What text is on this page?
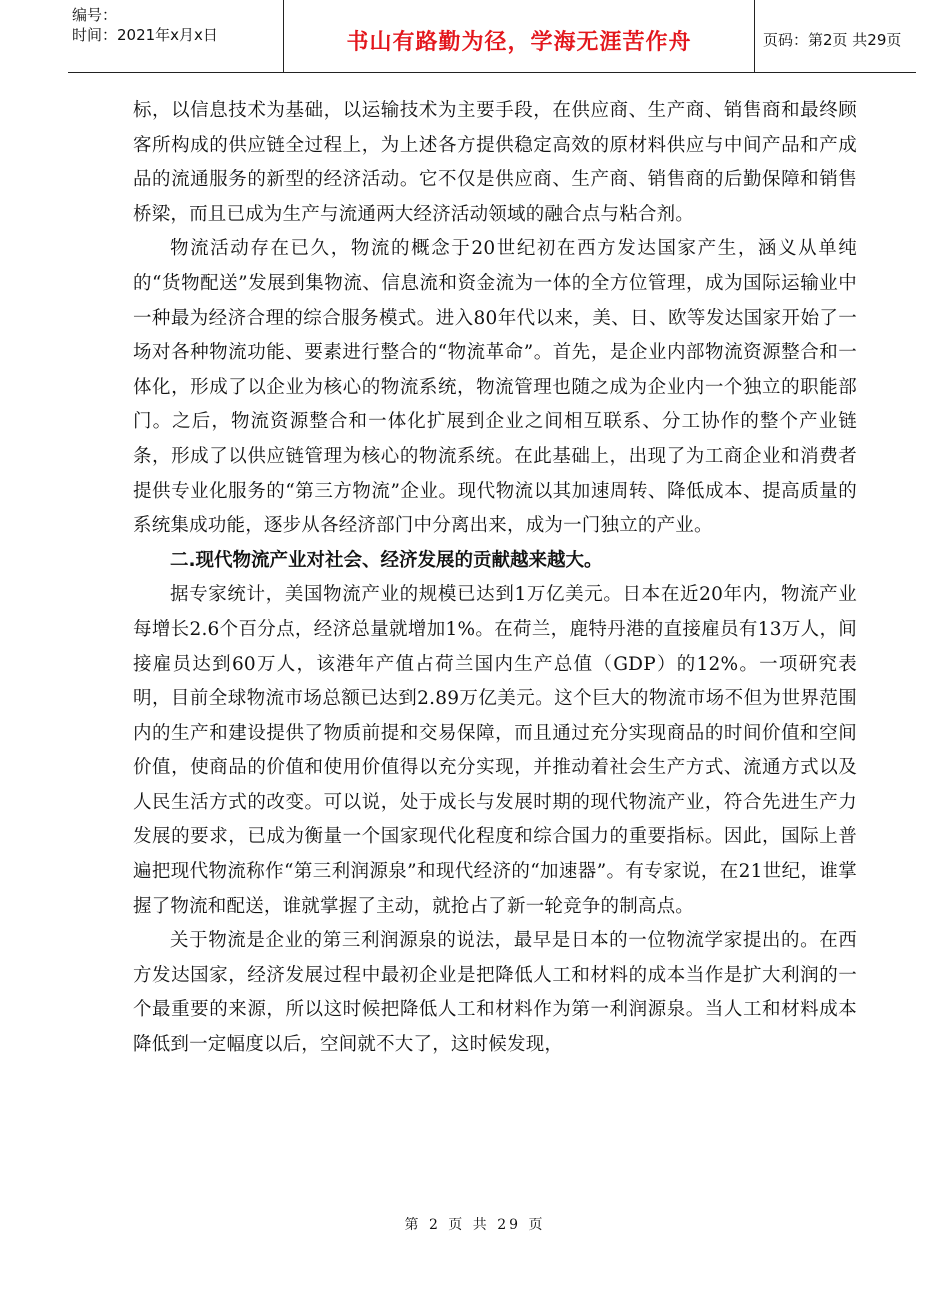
编号：
时间：2021年x月x日	书山有路勤为径，学海无涯苦作舟	页码：第2页 共29页

标，以信息技术为基础，以运输技术为主要手段，在供应商、生产商、销售商和最终顾客所构成的供应链全过程上，为上述各方提供稳定高效的原材料供应与中间产品和产成品的流通服务的新型的经济活动。它不仅是供应商、生产商、销售商的后勤保障和销售桥梁，而且已成为生产与流通两大经济活动领域的融合点与粘合剂。

物流活动存在已久，物流的概念于20世纪初在西方发达国家产生，涵义从单纯的“货物配送”发展到集物流、信息流和资金流为一体的全方位管理，成为国际运输业中一种最为经济合理的综合服务模式。进入80年代以来，美、日、欧等发达国家开始了一场对各种物流功能、要素进行整合的“物流革命”。首先，是企业内部物流资源整合和一体化，形成了以企业为核心的物流系统，物流管理也随之成为企业内一个独立的职能部门。之后，物流资源整合和一体化扩展到企业之间相互联系、分工协作的整个产业链条，形成了以供应链管理为核心的物流系统。在此基础上，出现了为工商企业和消费者提供专业化服务的“第三方物流”企业。现代物流以其加速周转、降低成本、提高质量的系统集成功能，逐步从各经济部门中分离出来，成为一门独立的产业。

二.现代物流产业对社会、经济发展的贡献越来越大。

据专家统计，美国物流产业的规模已达到1万亿美元。日本在近20年内，物流产业每增长2.6个百分点，经济总量就增加1%。在荷兰，鹿特丹港的直接雇员有13万人，间接雇员达到60万人，该港年产值占荷兰国内生产总值（GDP）的12%。一项研究表明，目前全球物流市场总额已达到2.89万亿美元。这个巨大的物流市场不但为世界范围内的生产和建设提供了物质前提和交易保障，而且通过充分实现商品的时间价值和空间价值，使商品的价值和使用价值得以充分实现，并推动着社会生产方式、流通方式以及人民生活方式的改变。可以说，处于成长与发展时期的现代物流产业，符合先进生产力发展的要求，已成为衡量一个国家现代化程度和综合国力的重要指标。因此，国际上普遍把现代物流称作“第三利润源泉”和现代经济的“加速器”。有专家说，在21世纪，谁掌握了物流和配送，谁就掌握了主动，就抢占了新一轮竞争的制高点。

关于物流是企业的第三利润源泉的说法，最早是日本的一位物流学家提出的。在西方发达国家，经济发展过程中最初企业是把降低人工和材料的成本当作是扩大利润的一个最重要的来源，所以这时候把降低人工和材料作为第一利润源泉。当人工和材料成本降低到一定幅度以后，空间就不大了，这时候发现，

第 2 页 共 29 页
